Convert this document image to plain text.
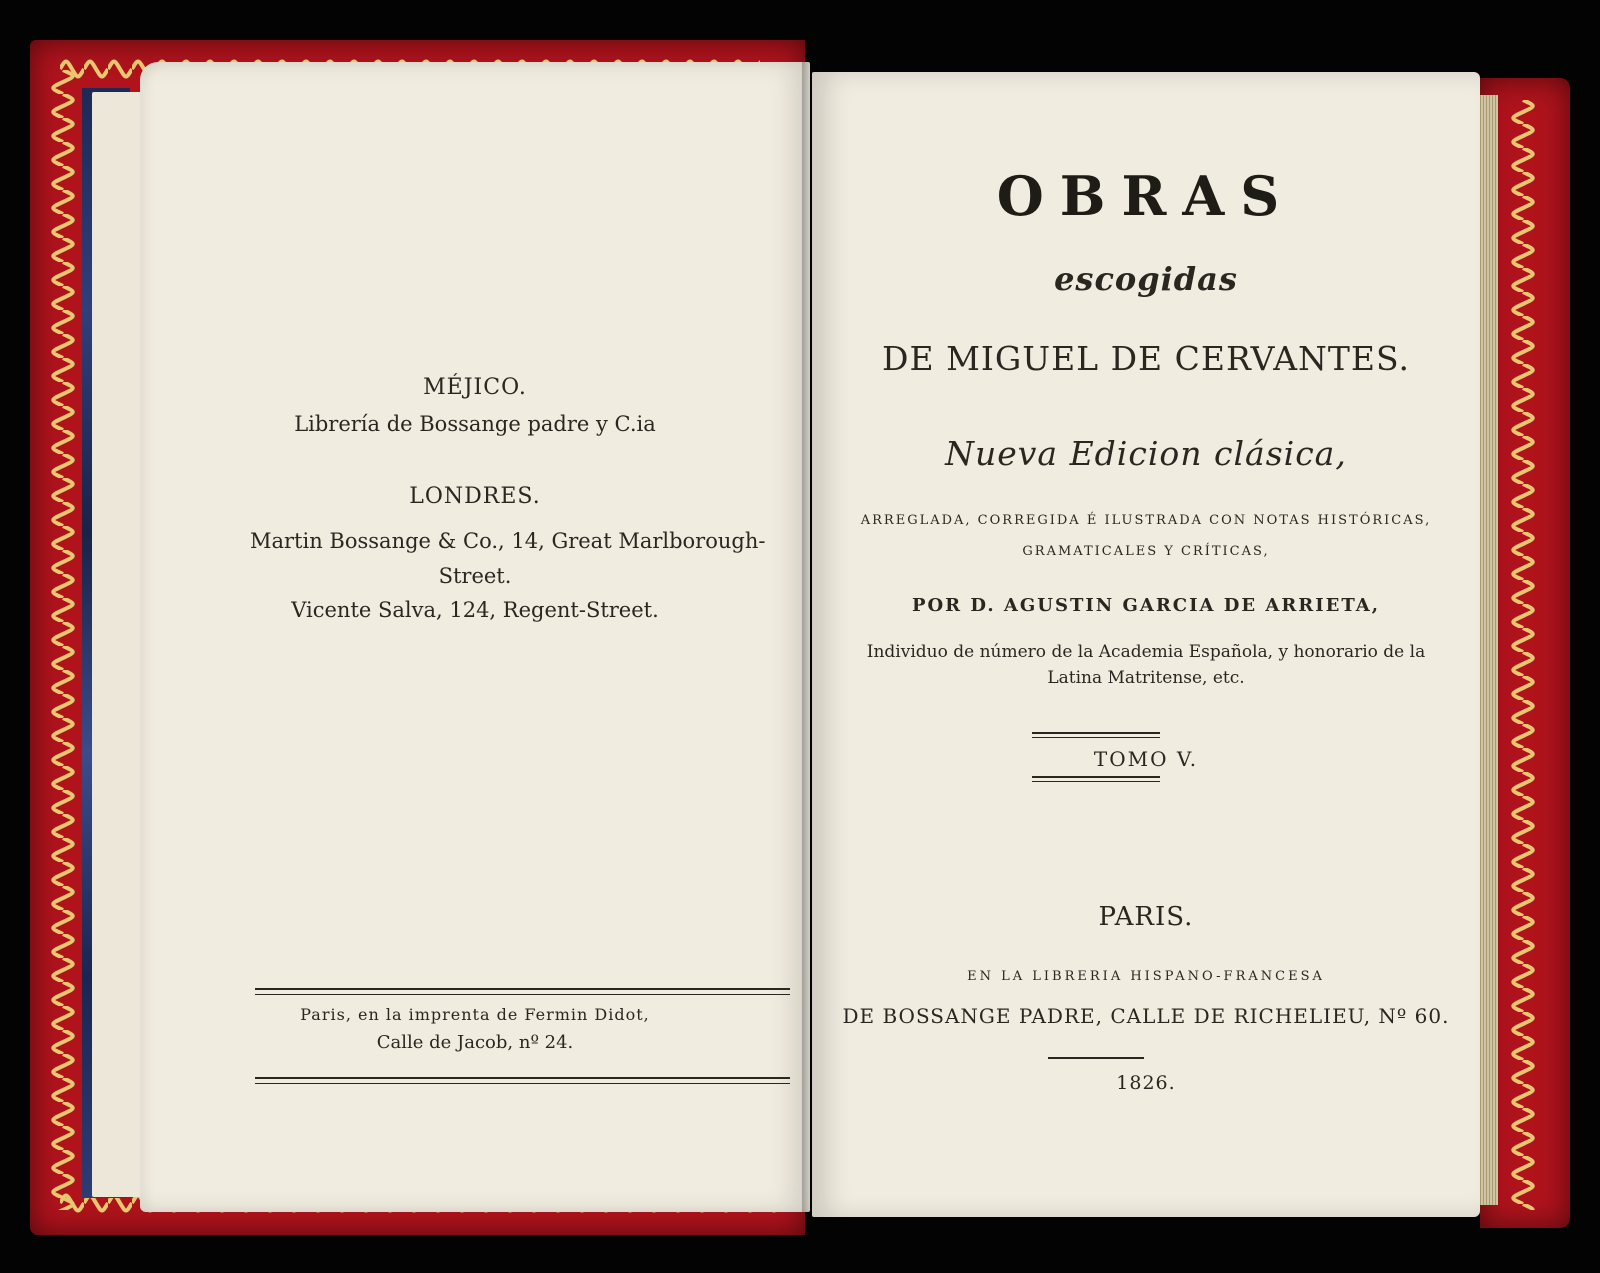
MÉJICO.
Librería de Bossange padre y C.ia
LONDRES.
Martin Bossange & Co., 14, Great Marlborough-
Street.
Vicente Salva, 124, Regent-Street.
Paris, en la imprenta de Fermin Didot,
Calle de Jacob, nº 24.
OBRAS
escogidas
DE MIGUEL DE CERVANTES.
Nueva Edicion clásica,
ARREGLADA, CORREGIDA É ILUSTRADA CON NOTAS HISTÓRICAS,
GRAMATICALES Y CRÍTICAS,
POR D. AGUSTIN GARCIA DE ARRIETA,
Individuo de número de la Academia Española, y honorario de la
Latina Matritense, etc.
TOMO V.
PARIS.
EN LA LIBRERIA HISPANO-FRANCESA
DE BOSSANGE PADRE, CALLE DE RICHELIEU, Nº 60.
1826.
